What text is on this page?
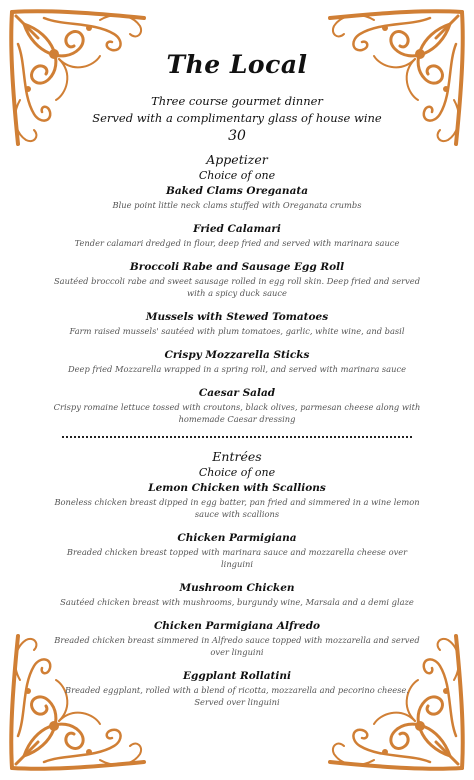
The Local

Three course gourmet dinner

Served with a complimentary glass of house wine

30

Appetizer

Choice of one

Baked Clams Oreganata

Blue point little neck clams stuffed with Oreganata crumbs

Fried Calamari

Tender calamari dredged in flour, deep fried and served with marinara sauce

Broccoli Rabe and Sausage Egg Roll

Sautéed broccoli rabe and sweet sausage rolled in egg roll skin. Deep fried and served with a spicy duck sauce

Mussels with Stewed Tomatoes

Farm raised mussels' sautéed with plum tomatoes, garlic, white wine, and basil

Crispy Mozzarella Sticks

Deep fried Mozzarella wrapped in a spring roll, and served with marinara sauce

Caesar Salad

Crispy romaine lettuce tossed with croutons, black olives, parmesan cheese along with homemade Caesar dressing

Entrées

Choice of one

Lemon Chicken with Scallions

Boneless chicken breast dipped in egg batter, pan fried and simmered in a wine lemon sauce with scallions

Chicken Parmigiana

Breaded chicken breast topped with marinara sauce and mozzarella cheese over linguini

Mushroom Chicken

Sautéed chicken breast with mushrooms, burgundy wine, Marsala and a demi glaze

Chicken Parmigiana Alfredo

Breaded chicken breast simmered in Alfredo sauce topped with mozzarella and served over linguini

Eggplant Rollatini

Breaded eggplant, rolled with a blend of ricotta, mozzarella and pecorino cheese. Served over linguini
